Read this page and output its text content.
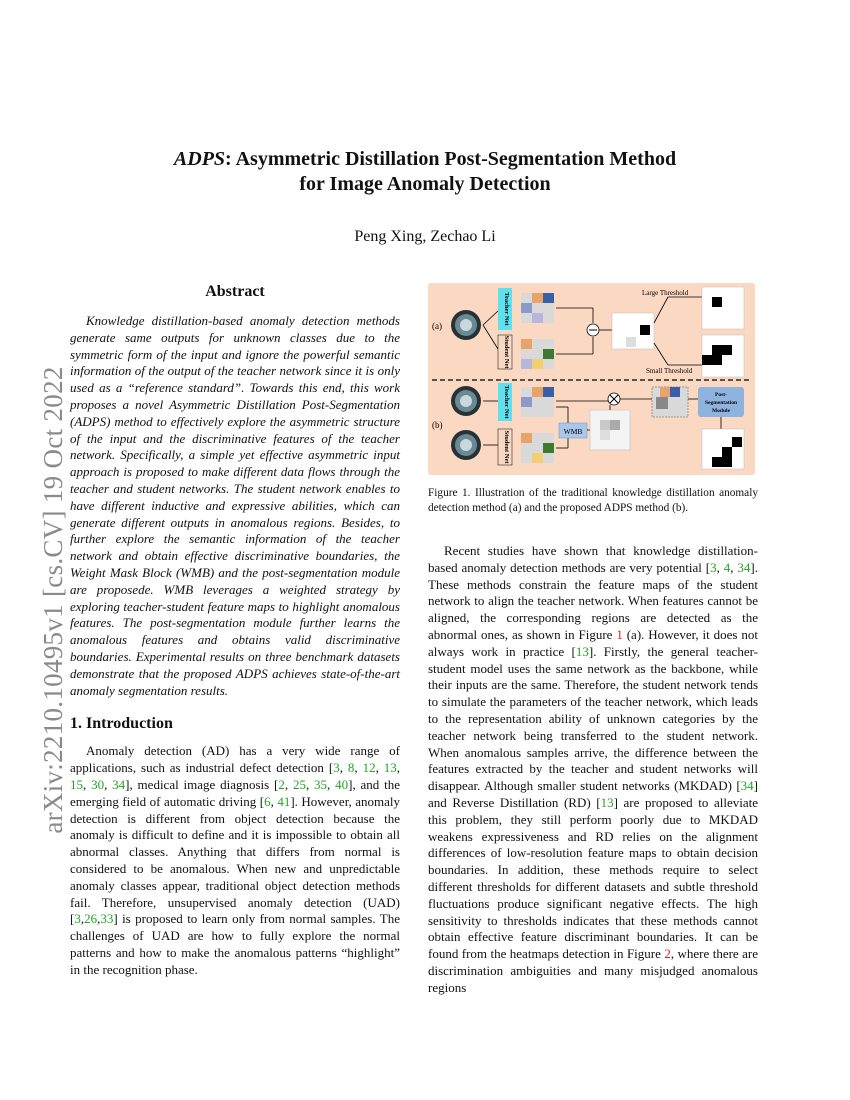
arXiv:2210.10495v1 [cs.CV] 19 Oct 2022
ADPS: Asymmetric Distillation Post-Segmentation Method
for Image Anomaly Detection
Peng Xing, Zechao Li
Abstract

Knowledge distillation-based anomaly detection methods generate same outputs for unknown classes due to the symmetric form of the input and ignore the powerful semantic information of the output of the teacher network since it is only used as a “reference standard”. Towards this end, this work proposes a novel Asymmetric Distillation Post-Segmentation (ADPS) method to effectively explore the asymmetric structure of the input and the discriminative features of the teacher network. Specifically, a simple yet effective asymmetric input approach is proposed to make different data flows through the teacher and student networks. The student network enables to have different inductive and expressive abilities, which can generate different outputs in anomalous regions. Besides, to further explore the semantic information of the teacher network and obtain effective discriminative boundaries, the Weight Mask Block (WMB) and the post-segmentation module are proposede. WMB leverages a weighted strategy by exploring teacher-student feature maps to highlight anomalous features. The post-segmentation module further learns the anomalous features and obtains valid discriminative boundaries. Experimental results on three benchmark datasets demonstrate that the proposed ADPS achieves state-of-the-art anomaly segmentation results.

1. Introduction

Anomaly detection (AD) has a very wide range of applications, such as industrial defect detection [3, 8, 12, 13, 15, 30, 34], medical image diagnosis [2, 25, 35, 40], and the emerging field of automatic driving [6, 41]. However, anomaly detection is different from object detection because the anomaly is difficult to define and it is impossible to obtain all abnormal classes. Anything that differs from normal is considered to be anomalous. When new and unpredictable anomaly classes appear, traditional object detection methods fail. Therefore, unsupervised anomaly detection (UAD) [3,26,33] is proposed to learn only from normal samples. The challenges of UAD are how to fully explore the normal patterns and how to make the anomalous patterns “highlight” in the recognition phase.

(a)
Teacher Net
Student Net
Large Threshold
Small Threshold
(b)
Teacher Net
Student Net	WMB
Post-
Segmentation
Module
Figure 1. Illustration of the traditional knowledge distillation anomaly detection method (a) and the proposed ADPS method (b).

Recent studies have shown that knowledge distillation-based anomaly detection methods are very potential [3, 4, 34]. These methods constrain the feature maps of the student network to align the teacher network. When features cannot be aligned, the corresponding regions are detected as the abnormal ones, as shown in Figure 1 (a). However, it does not always work in practice [13]. Firstly, the general teacher-student model uses the same network as the backbone, while their inputs are the same. Therefore, the student network tends to simulate the parameters of the teacher network, which leads to the representation ability of unknown categories by the teacher network being transferred to the student network. When anomalous samples arrive, the difference between the features extracted by the teacher and student networks will disappear. Although smaller student networks (MKDAD) [34] and Reverse Distillation (RD) [13] are proposed to alleviate this problem, they still perform poorly due to MKDAD weakens expressiveness and RD relies on the alignment differences of low-resolution feature maps to obtain decision boundaries. In addition, these methods require to select different thresholds for different datasets and subtle threshold fluctuations produce significant negative effects. The high sensitivity to thresholds indicates that these methods cannot obtain effective feature discriminant boundaries. It can be found from the heatmaps detection in Figure 2, where there are discrimination ambiguities and many misjudged anomalous regions
